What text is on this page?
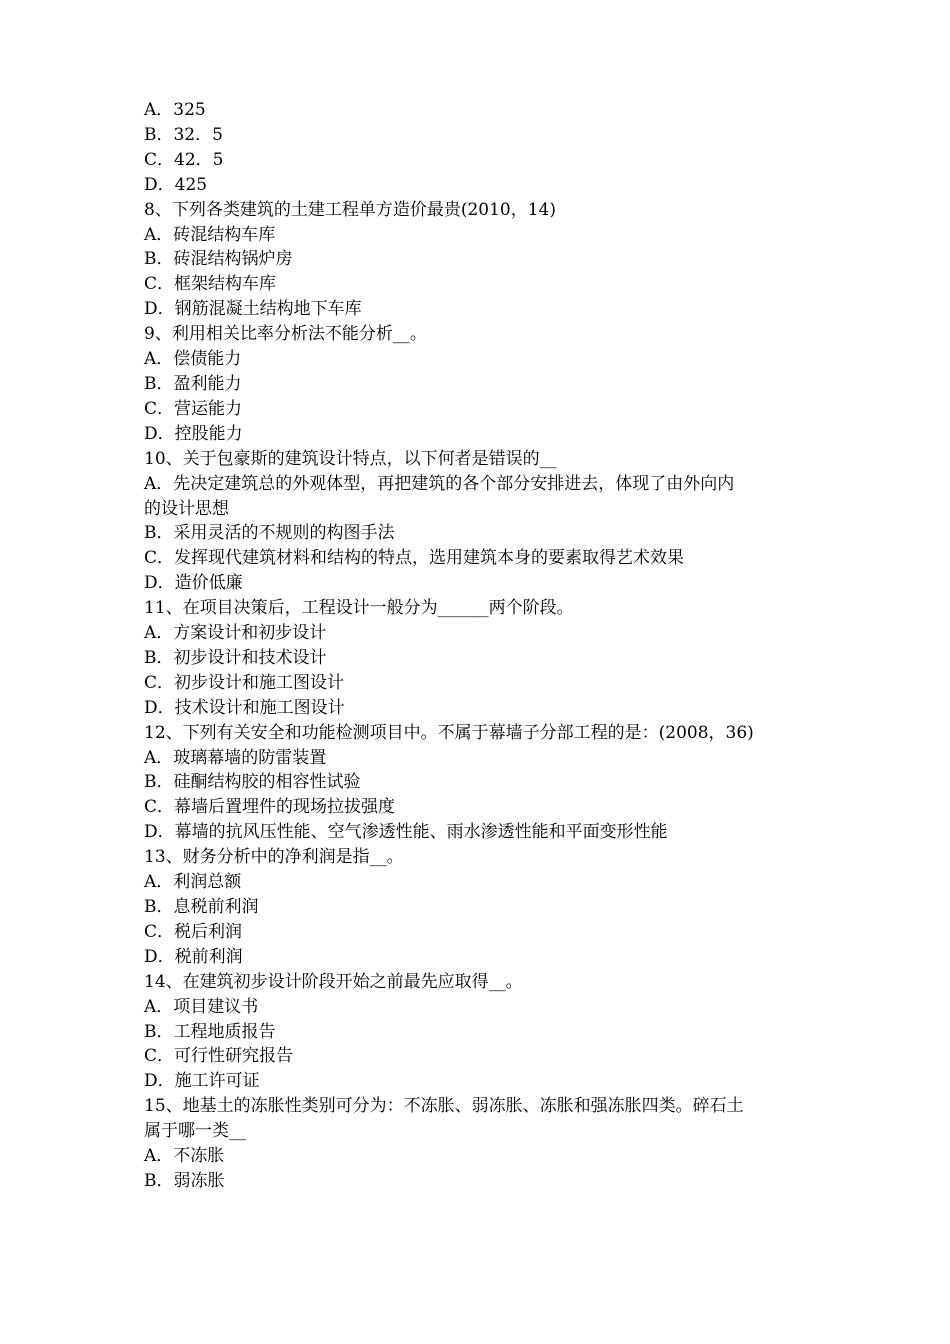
A．325
B．32．5
C．42．5
D．425
8、下列各类建筑的土建工程单方造价最贵(2010，14)
A．砖混结构车库
B．砖混结构锅炉房
C．框架结构车库
D．钢筋混凝土结构地下车库
9、利用相关比率分析法不能分析__。
A．偿债能力
B．盈利能力
C．营运能力
D．控股能力
10、关于包豪斯的建筑设计特点，以下何者是错误的__
A．先决定建筑总的外观体型，再把建筑的各个部分安排进去，体现了由外向内
的设计思想
B．采用灵活的不规则的构图手法
C．发挥现代建筑材料和结构的特点，选用建筑本身的要素取得艺术效果
D．造价低廉
11、在项目决策后，工程设计一般分为______两个阶段。
A．方案设计和初步设计
B．初步设计和技术设计
C．初步设计和施工图设计
D．技术设计和施工图设计
12、下列有关安全和功能检测项目中。不属于幕墙子分部工程的是：(2008，36)
A．玻璃幕墙的防雷装置
B．硅酮结构胶的相容性试验
C．幕墙后置埋件的现场拉拔强度
D．幕墙的抗风压性能、空气渗透性能、雨水渗透性能和平面变形性能
13、财务分析中的净利润是指__。
A．利润总额
B．息税前利润
C．税后利润
D．税前利润
14、在建筑初步设计阶段开始之前最先应取得__。
A．项目建议书
B．工程地质报告
C．可行性研究报告
D．施工许可证
15、地基土的冻胀性类别可分为：不冻胀、弱冻胀、冻胀和强冻胀四类。碎石土
属于哪一类__
A．不冻胀
B．弱冻胀
